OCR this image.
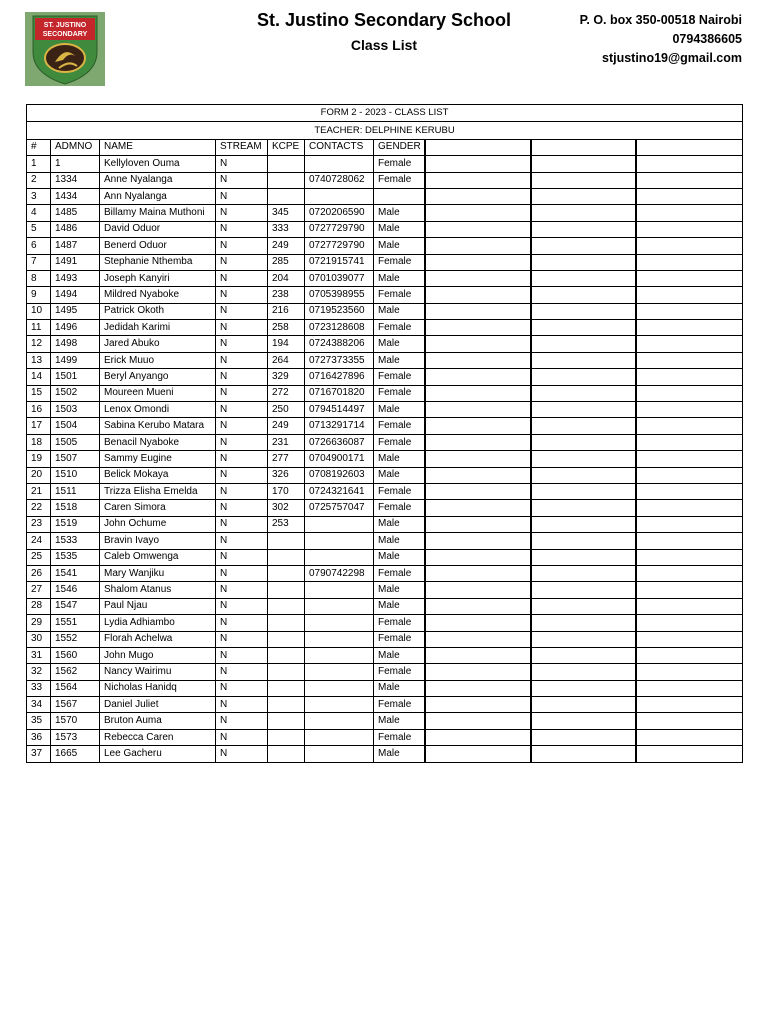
ST. JUSTINO
SECONDARY
St. Justino Secondary School
Class List
P. O. box 350-00518 Nairobi
0794386605
stjustino19@gmail.com
FORM 2 - 2023 - CLASS LIST									
TEACHER: DELPHINE KERUBU									
#	ADMNO	NAME	STREAM	KCPE	CONTACTS	GENDER			
1	1	Kellyloven Ouma	N			Female			
2	1334	Anne Nyalanga	N		0740728062	Female			
3	1434	Ann Nyalanga	N						
4	1485	Billamy Maina Muthoni	N	345	0720206590	Male			
5	1486	David Oduor	N	333	0727729790	Male			
6	1487	Benerd Oduor	N	249	0727729790	Male			
7	1491	Stephanie Nthemba	N	285	0721915741	Female			
8	1493	Joseph Kanyiri	N	204	0701039077	Male			
9	1494	Mildred Nyaboke	N	238	0705398955	Female			
10	1495	Patrick Okoth	N	216	0719523560	Male			
11	1496	Jedidah Karimi	N	258	0723128608	Female			
12	1498	Jared Abuko	N	194	0724388206	Male			
13	1499	Erick Muuo	N	264	0727373355	Male			
14	1501	Beryl Anyango	N	329	0716427896	Female			
15	1502	Moureen Mueni	N	272	0716701820	Female			
16	1503	Lenox Omondi	N	250	0794514497	Male			
17	1504	Sabina Kerubo Matara	N	249	0713291714	Female			
18	1505	Benacil Nyaboke	N	231	0726636087	Female			
19	1507	Sammy Eugine	N	277	0704900171	Male			
20	1510	Belick Mokaya	N	326	0708192603	Male			
21	1511	Trizza Elisha Emelda	N	170	0724321641	Female			
22	1518	Caren Simora	N	302	0725757047	Female			
23	1519	John Ochume	N	253		Male			
24	1533	Bravin Ivayo	N			Male			
25	1535	Caleb Omwenga	N			Male			
26	1541	Mary Wanjiku	N		0790742298	Female			
27	1546	Shalom Atanus	N			Male			
28	1547	Paul Njau	N			Male			
29	1551	Lydia Adhiambo	N			Female			
30	1552	Florah Achelwa	N			Female			
31	1560	John Mugo	N			Male			
32	1562	Nancy Wairimu	N			Female			
33	1564	Nicholas Hanidq	N			Male			
34	1567	Daniel Juliet	N			Female			
35	1570	Bruton Auma	N			Male			
36	1573	Rebecca Caren	N			Female			
37	1665	Lee Gacheru	N			Male			
